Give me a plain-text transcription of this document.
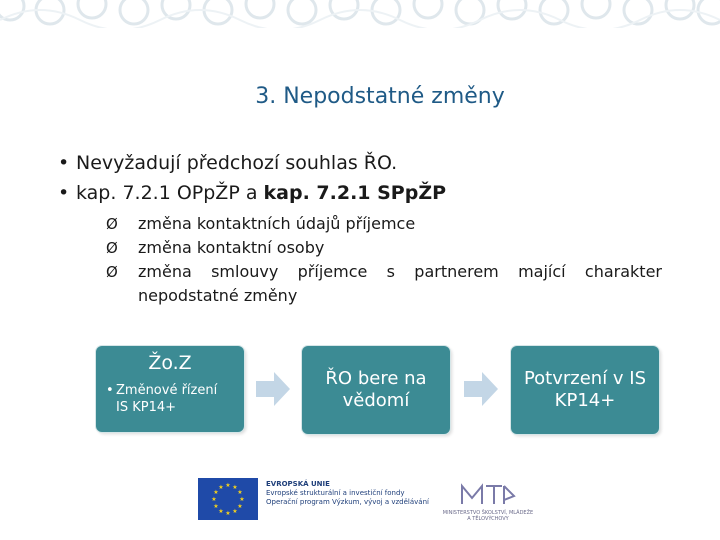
3. Nepodstatné změny
• Nevyžadují předchozí souhlas ŘO.
• kap. 7.2.1 OPpŽP a kap. 7.2.1 SPpŽP
Ø	změna kontaktních údajů příjemce
Ø	změna kontaktní osoby
Ø	změna smlouvy příjemce s partnerem mající charakter
nepodstatné změny
Žo.Z
• Změnové řízení
IS KP14+
ŘO bere na
vědomí
Potvrzení v IS
KP14+
★ ★
★
★
★
★
★
★
★
★
★
★	EVROPSKÁ UNIE
Evropské strukturální a investiční fondy
Operační program Výzkum, vývoj a vzdělávání
MINISTERSTVO ŠKOLSTVÍ, MLÁDEŽE A TĚLOVÝCHOVY
